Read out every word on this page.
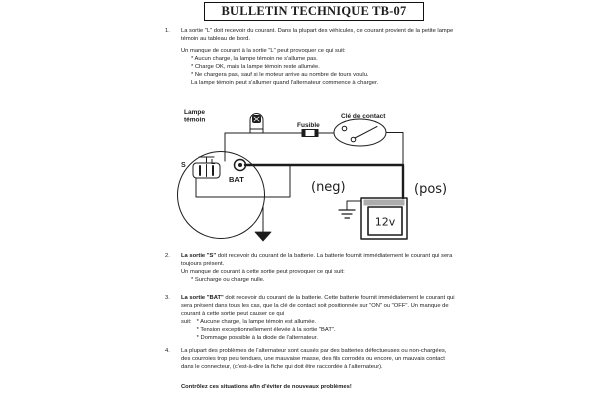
BULLETIN TECHNIQUE TB-07
1. La sortie "L" doit recevoir du courant. Dans la plupart des véhicules, ce courant provient de la petite lampe témoin au tableau de bord.
Un manque de courant à la sortie "L" peut provoquer ce qui suit:
* Aucun charge, la lampe témoin ne s'allume pas.
* Charge OK, mais la lampe témoin reste allumée.
* Ne chargera pas, sauf si le moteur arrive au nombre de tours voulu.
La lampe témoin peut s'allumer quand l'alternateur commence à charger.
Lampe
témoin
Fusible
Clé de contact
S	L
BAT
(neg)	(pos)
12v
2. La sortie "S" doit recevoir du courant de la batterie. La batterie fournit immédiatement le courant qui sera toujours présent.
Un manque de courant à cette sortie peut provoquer ce qui suit:
* Surcharge ou charge nulle.
3. La sortie "BAT" doit recevoir du courant de la batterie. Cette batterie fournit immédiatement le courant qui sera présent dans tous les cas, que la clé de contact soit positionnée sur "ON" ou "OFF". Un manque de courant à cette sortie peut causer ce qui
suit: * Aucune charge, la lampe témoin est allumée.
* Tension exceptionnellement élevée à la sortie "BAT".
* Dommage possible à la diode de l'alternateur.
4. La plupart des problèmes de l'alternateur sont causés par des batteries défectueuses ou non-chargées, des courroies trop peu tendues, une mauvaise masse, des fils corrodés ou encore, un mauvais contact dans le connecteur, (c'est-à-dire la fiche qui doit être raccordée à l'alternateur).
Contrôlez ces situations afin d'éviter de nouveaux problèmes!
